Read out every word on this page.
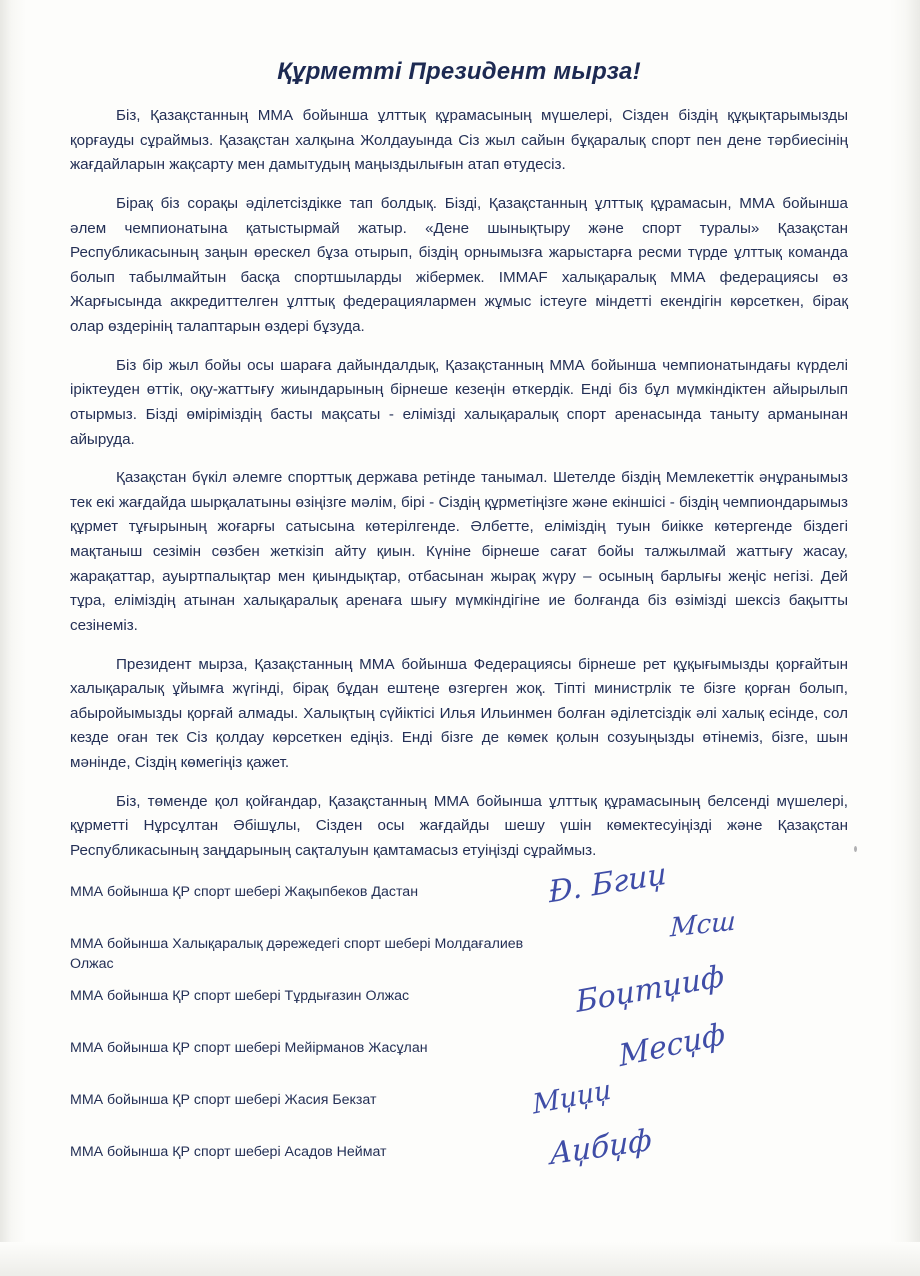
Құрметті Президент мырза!

Біз, Қазақстанның ММА бойынша ұлттық құрамасының мүшелері, Сізден біздің құқықтарымызды қорғауды сұраймыз. Қазақстан халқына Жолдауында Сіз жыл сайын бұқаралық спорт пен дене тәрбиесінің жағдайларын жақсарту мен дамытудың маңыздылығын атап өтудесіз.

Бірақ біз сорақы әділетсіздікке тап болдық. Бізді, Қазақстанның ұлттық құрамасын, ММА бойынша әлем чемпионатына қатыстырмай жатыр. «Дене шынықтыру және спорт туралы» Қазақстан Республикасының заңын өрескел бұза отырып, біздің орнымызға жарыстарға ресми түрде ұлттық команда болып табылмайтын басқа спортшыларды жібермек. IMMAF халықаралық ММА федерациясы өз Жарғысында аккредиттелген ұлттық федерациялармен жұмыс істеуге міндетті екендігін көрсеткен, бірақ олар өздерінің талаптарын өздері бұзуда.

Біз бір жыл бойы осы шараға дайындалдық, Қазақстанның ММА бойынша чемпионатындағы күрделі іріктеуден өттік, оқу-жаттығу жиындарының бірнеше кезеңін өткердік. Енді біз бұл мүмкіндіктен айырылып отырмыз. Бізді өміріміздің басты мақсаты - елімізді халықаралық спорт аренасында таныту арманынан айыруда.

Қазақстан бүкіл әлемге спорттық держава ретінде танымал. Шетелде біздің Мемлекеттік әнұранымыз тек екі жағдайда шырқалатыны өзіңізге мәлім, бірі - Сіздің құрметіңізге және екіншісі - біздің чемпиондарымыз құрмет тұғырының жоғарғы сатысына көтерілгенде. Әлбетте, еліміздің туын биікке көтергенде біздегі мақтаныш сезімін сөзбен жеткізіп айту қиын. Күніне бірнеше сағат бойы талжылмай жаттығу жасау, жарақаттар, ауыртпалықтар мен қиындықтар, отбасынан жырақ жүру – осының барлығы жеңіс негізі. Дей тұра, еліміздің атынан халықаралық аренаға шығу мүмкіндігіне ие болғанда біз өзімізді шексіз бақытты сезінеміз.

Президент мырза, Қазақстанның ММА бойынша Федерациясы бірнеше рет құқығымызды қорғайтын халықаралық ұйымға жүгінді, бірақ бұдан ештеңе өзгерген жоқ. Тіпті министрлік те бізге қорған болып, абыройымызды қорғай алмады. Халықтың сүйіктісі Илья Ильинмен болған әділетсіздік әлі халық есінде, сол кезде оған тек Сіз қолдау көрсеткен едіңіз. Енді бізге де көмек қолын созуыңызды өтінеміз, бізге, шын мәнінде, Сіздің көмегіңіз қажет.

Біз, төменде қол қойғандар, Қазақстанның ММА бойынша ұлттық құрамасының белсенді мүшелері, құрметті Нұрсұлтан Әбішұлы, Сізден осы жағдайды шешу үшін көмектесуіңізді және Қазақстан Республикасының заңдарының сақталуын қамтамасыз етуіңізді сұраймыз.

ММА бойынша ҚР спорт шебері Жақыпбеков Дастан	Ɖ. Бгиџ
ММА бойынша Халықаралық дәрежедегі спорт шебері Молдағалиев Олжас
Мсш
ММА бойынша ҚР спорт шебері Тұрдығазин Олжас	Боџтџиф
ММА бойынша ҚР спорт шебері Мейірманов Жасұлан	Месџф
ММА бойынша ҚР спорт шебері Жасия Бекзат	Мџџџ
ММА бойынша ҚР спорт шебері Асадов Неймат	Aџбџф
